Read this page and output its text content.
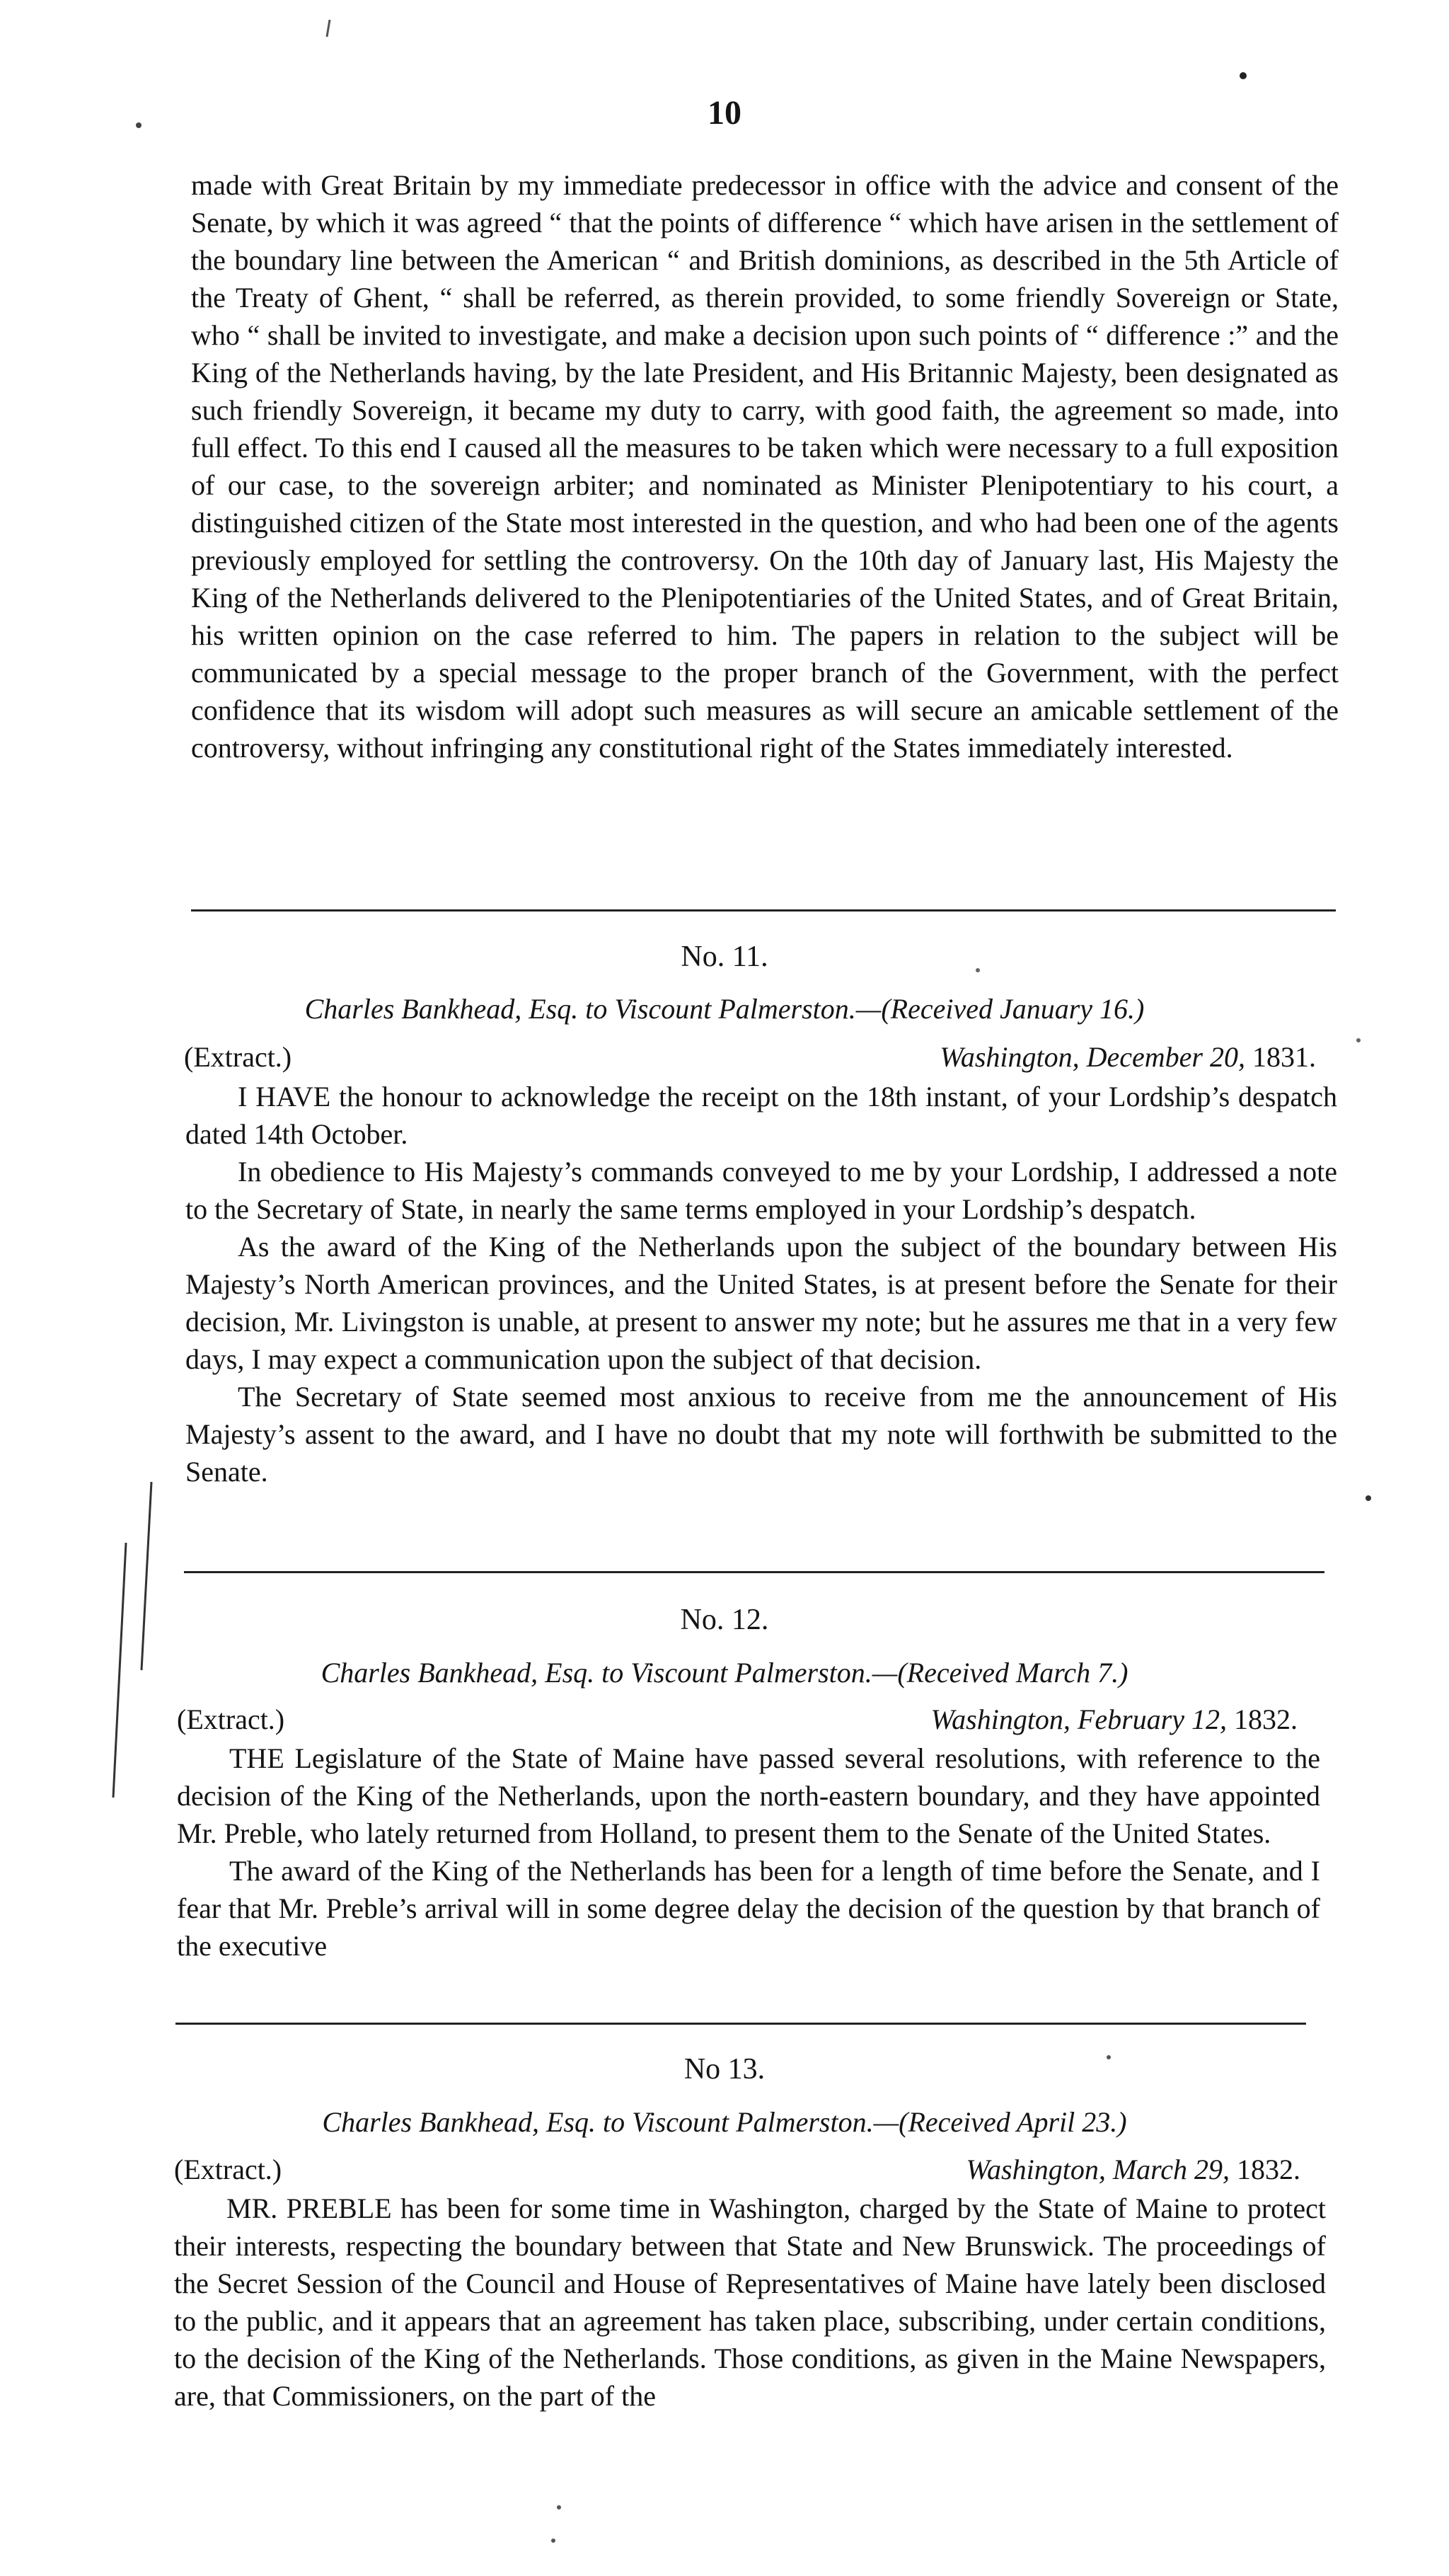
10

made with Great Britain by my immediate predecessor in office with the advice and consent of the Senate, by which it was agreed “ that the points of difference “ which have arisen in the settlement of the boundary line between the American “ and British dominions, as described in the 5th Article of the Treaty of Ghent, “ shall be referred, as therein provided, to some friendly Sovereign or State, who “ shall be invited to investigate, and make a decision upon such points of “ difference :” and the King of the Netherlands having, by the late President, and His Britannic Majesty, been designated as such friendly Sovereign, it became my duty to carry, with good faith, the agreement so made, into full effect. To this end I caused all the measures to be taken which were necessary to a full exposition of our case, to the sovereign arbiter; and nominated as Minister Plenipotentiary to his court, a distinguished citizen of the State most interested in the question, and who had been one of the agents previously employed for settling the controversy. On the 10th day of January last, His Majesty the King of the Netherlands delivered to the Plenipotentiaries of the United States, and of Great Britain, his written opinion on the case referred to him. The papers in relation to the subject will be communicated by a special message to the proper branch of the Government, with the perfect confidence that its wisdom will adopt such measures as will secure an amicable settlement of the controversy, without infringing any constitutional right of the States immediately interested.

No. 11.
Charles Bankhead, Esq. to Viscount Palmerston.—(Received January 16.)
(Extract.)	Washington, December 20, 1831.

I HAVE the honour to acknowledge the receipt on the 18th instant, of your Lordship’s despatch dated 14th October.

In obedience to His Majesty’s commands conveyed to me by your Lordship, I addressed a note to the Secretary of State, in nearly the same terms employed in your Lordship’s despatch.

As the award of the King of the Netherlands upon the subject of the boundary between His Majesty’s North American provinces, and the United States, is at present before the Senate for their decision, Mr. Livingston is unable, at present to answer my note; but he assures me that in a very few days, I may expect a communication upon the subject of that decision.

The Secretary of State seemed most anxious to receive from me the announcement of His Majesty’s assent to the award, and I have no doubt that my note will forthwith be submitted to the Senate.

No. 12.
Charles Bankhead, Esq. to Viscount Palmerston.—(Received March 7.)
(Extract.)	Washington, February 12, 1832.

THE Legislature of the State of Maine have passed several resolutions, with reference to the decision of the King of the Netherlands, upon the north-eastern boundary, and they have appointed Mr. Preble, who lately returned from Holland, to present them to the Senate of the United States.

The award of the King of the Netherlands has been for a length of time before the Senate, and I fear that Mr. Preble’s arrival will in some degree delay the decision of the question by that branch of the executive

No 13.
Charles Bankhead, Esq. to Viscount Palmerston.—(Received April 23.)
(Extract.)	Washington, March 29, 1832.

MR. PREBLE has been for some time in Washington, charged by the State of Maine to protect their interests, respecting the boundary between that State and New Brunswick. The proceedings of the Secret Session of the Council and House of Representatives of Maine have lately been disclosed to the public, and it appears that an agreement has taken place, subscribing, under certain conditions, to the decision of the King of the Netherlands. Those conditions, as given in the Maine Newspapers, are, that Commissioners, on the part of the
